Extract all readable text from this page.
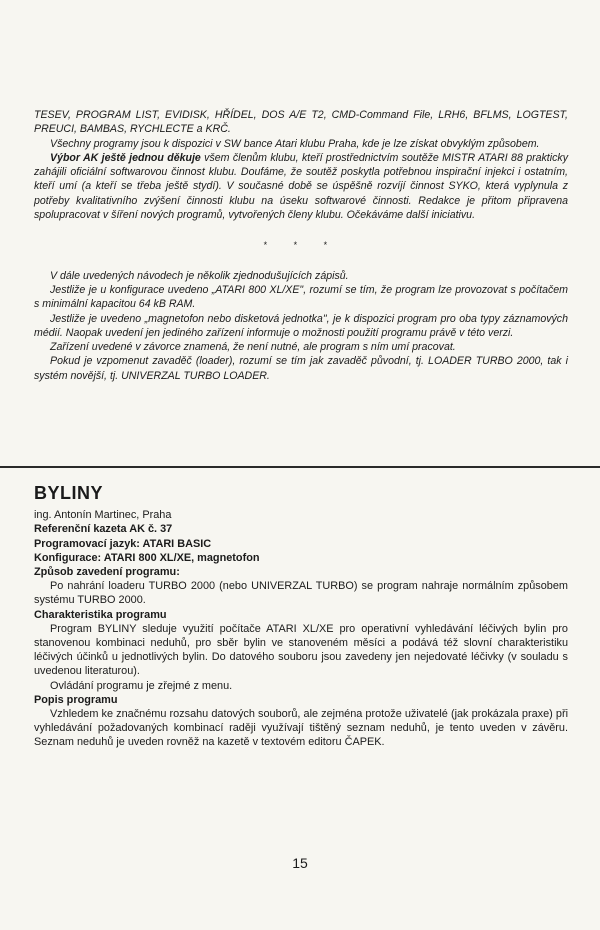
TESEV, PROGRAM LIST, EVIDISK, HŘÍDEL, DOS A/E T2, CMD-Command File, LRH6, BFLMS, LOGTEST, PREUCI, BAMBAS, RYCHLECTE a KRČ.

Všechny programy jsou k dispozici v SW bance Atari klubu Praha, kde je lze získat obvyklým způsobem.

Výbor AK ještě jednou děkuje všem členům klubu, kteří prostřednictvím soutěže MISTR ATARI 88 prakticky zahájili oficiální softwarovou činnost klubu. Doufáme, že soutěž poskytla potřebnou inspirační injekci i ostatním, kteří umí (a kteří se třeba ještě stydí). V současné době se úspěšně rozvíjí činnost SYKO, která vyplynula z potřeby kvalitativního zvýšení činnosti klubu na úseku softwarové činnosti. Redakce je přitom připravena spolupracovat v šíření nových programů, vytvořených členy klubu. Očekáváme další iniciativu.

* * *

V dále uvedených návodech je několik zjednodušujících zápisů.

Jestliže je u konfigurace uvedeno „ATARI 800 XL/XE", rozumí se tím, že program lze provozovat s počítačem s minimální kapacitou 64 kB RAM.

Jestliže je uvedeno „magnetofon nebo disketová jednotka", je k dispozici program pro oba typy záznamových médií. Naopak uvedení jen jediného zařízení informuje o možnosti použití programu právě v této verzi.

Zařízení uvedené v závorce znamená, že není nutné, ale program s ním umí pracovat.

Pokud je vzpomenut zavaděč (loader), rozumí se tím jak zavaděč původní, tj. LOADER TURBO 2000, tak i systém novější, tj. UNIVERZAL TURBO LOADER.

BYLINY

ing. Antonín Martinec, Praha

Referenční kazeta AK č. 37

Programovací jazyk: ATARI BASIC

Konfigurace: ATARI 800 XL/XE, magnetofon

Způsob zavedení programu:

Po nahrání loaderu TURBO 2000 (nebo UNIVERZAL TURBO) se program nahraje normálním způsobem systému TURBO 2000.

Charakteristika programu

Program BYLINY sleduje využití počítače ATARI XL/XE pro operativní vyhledávání léčivých bylin pro stanovenou kombinaci neduhů, pro sběr bylin ve stanoveném měsíci a podává též slovní charakteristiku léčivých účinků u jednotlivých bylin. Do datového souboru jsou zavedeny jen nejedovaté léčivky (v souladu s uvedenou literaturou).

Ovládání programu je zřejmé z menu.

Popis programu

Vzhledem ke značnému rozsahu datových souborů, ale zejména protože uživatelé (jak prokázala praxe) při vyhledávání požadovaných kombinací raději využívají tištěný seznam neduhů, je tento uveden v závěru. Seznam neduhů je uveden rovněž na kazetě v textovém editoru ČAPEK.

15
